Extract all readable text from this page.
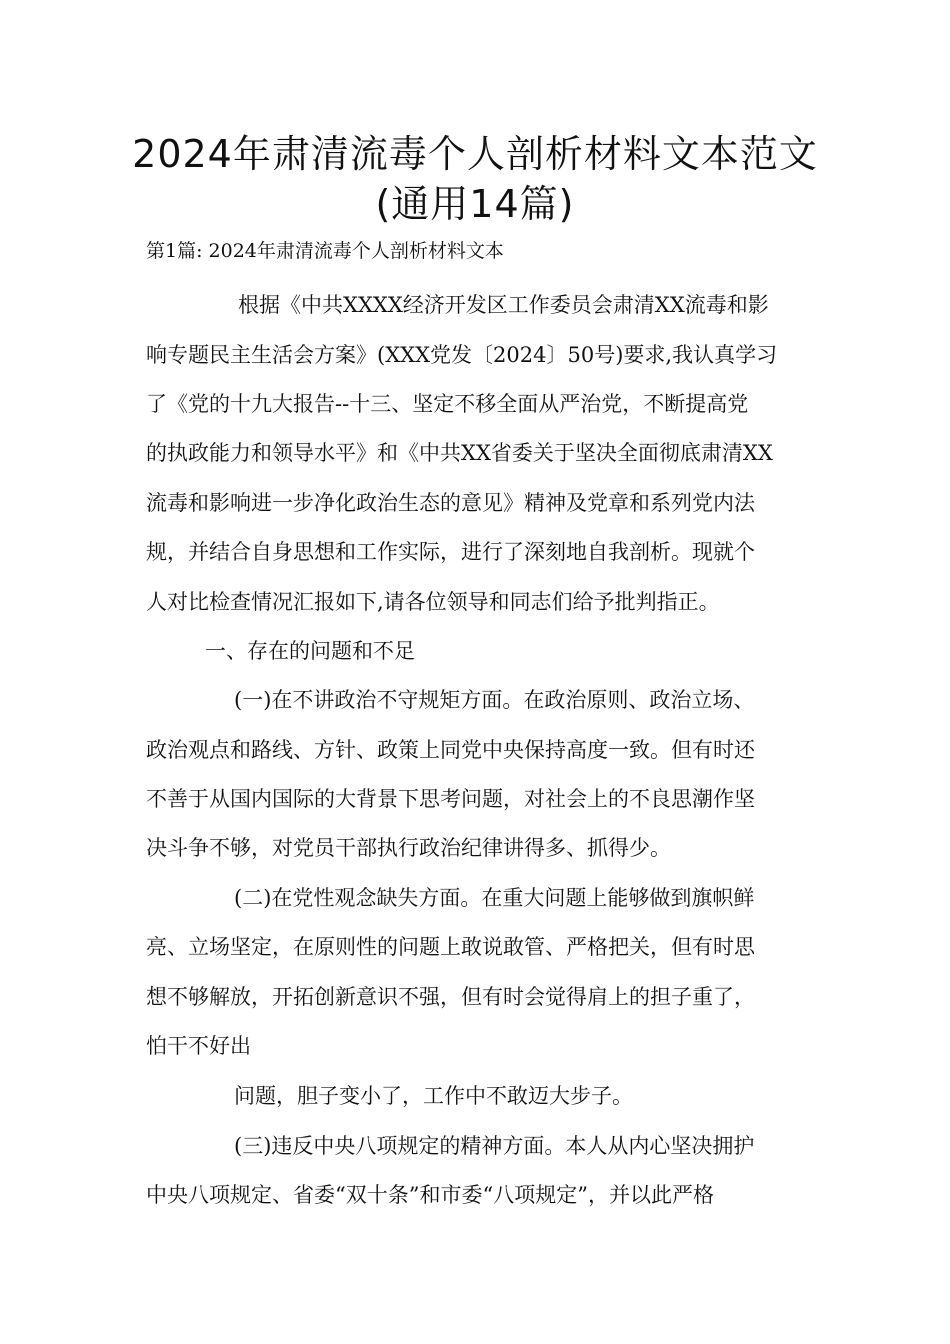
2024年肃清流毒个人剖析材料文本范文
(通用14篇)
第1篇: 2024年肃清流毒个人剖析材料文本
根据《中共XXXX经济开发区工作委员会肃清XX流毒和影
响专题民主生活会方案》(XXX党发〔2024〕50号)要求,我认真学习
了《党的十九大报告--十三、坚定不移全面从严治党，不断提高党
的执政能力和领导水平》和《中共XX省委关于坚决全面彻底肃清XX
流毒和影响进一步净化政治生态的意见》精神及党章和系列党内法
规，并结合自身思想和工作实际，进行了深刻地自我剖析。现就个
人对比检查情况汇报如下,请各位领导和同志们给予批判指正。
一、存在的问题和不足
(一)在不讲政治不守规矩方面。在政治原则、政治立场、
政治观点和路线、方针、政策上同党中央保持高度一致。但有时还
不善于从国内国际的大背景下思考问题，对社会上的不良思潮作坚
决斗争不够，对党员干部执行政治纪律讲得多、抓得少。
(二)在党性观念缺失方面。在重大问题上能够做到旗帜鲜
亮、立场坚定，在原则性的问题上敢说敢管、严格把关，但有时思
想不够解放，开拓创新意识不强，但有时会觉得肩上的担子重了，
怕干不好出
问题，胆子变小了，工作中不敢迈大步子。
(三)违反中央八项规定的精神方面。本人从内心坚决拥护
中央八项规定、省委“双十条”和市委“八项规定”，并以此严格
